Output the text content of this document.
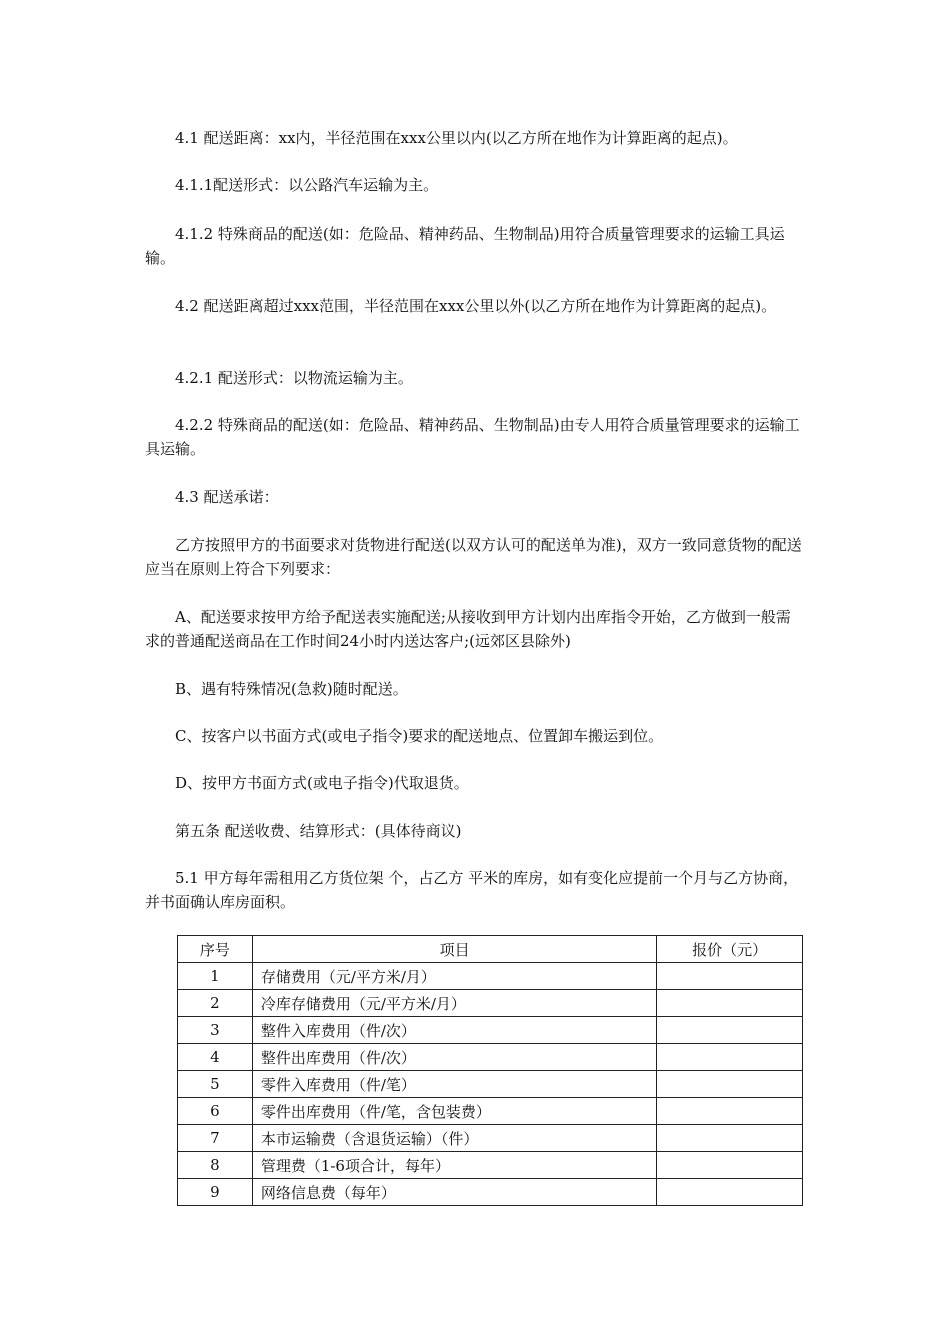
4.1 配送距离：xx内，半径范围在xxx公里以内(以乙方所在地作为计算距离的起点)。

4.1.1配送形式：以公路汽车运输为主。

4.1.2 特殊商品的配送(如：危险品、精神药品、生物制品)用符合质量管理要求的运输工具运输。

4.2 配送距离超过xxx范围，半径范围在xxx公里以外(以乙方所在地作为计算距离的起点)。

4.2.1 配送形式：以物流运输为主。

4.2.2 特殊商品的配送(如：危险品、精神药品、生物制品)由专人用符合质量管理要求的运输工具运输。

4.3 配送承诺：

乙方按照甲方的书面要求对货物进行配送(以双方认可的配送单为准)，双方一致同意货物的配送应当在原则上符合下列要求：

A、配送要求按甲方给予配送表实施配送;从接收到甲方计划内出库指令开始，乙方做到一般需求的普通配送商品在工作时间24小时内送达客户;(远郊区县除外)

B、遇有特殊情况(急救)随时配送。

C、按客户以书面方式(或电子指令)要求的配送地点、位置卸车搬运到位。

D、按甲方书面方式(或电子指令)代取退货。

第五条 配送收费、结算形式：(具体待商议)

5.1 甲方每年需租用乙方货位架 个，占乙方 平米的库房，如有变化应提前一个月与乙方协商，并书面确认库房面积。

序号	项目	报价（元）
1	存储费用（元/平方米/月）	
2	冷库存储费用（元/平方米/月）	
3	整件入库费用（件/次）	
4	整件出库费用（件/次）	
5	零件入库费用（件/笔）	
6	零件出库费用（件/笔，含包装费）	
7	本市运输费（含退货运输）（件）	
8	管理费（1-6项合计，每年）	
9	网络信息费（每年）	
